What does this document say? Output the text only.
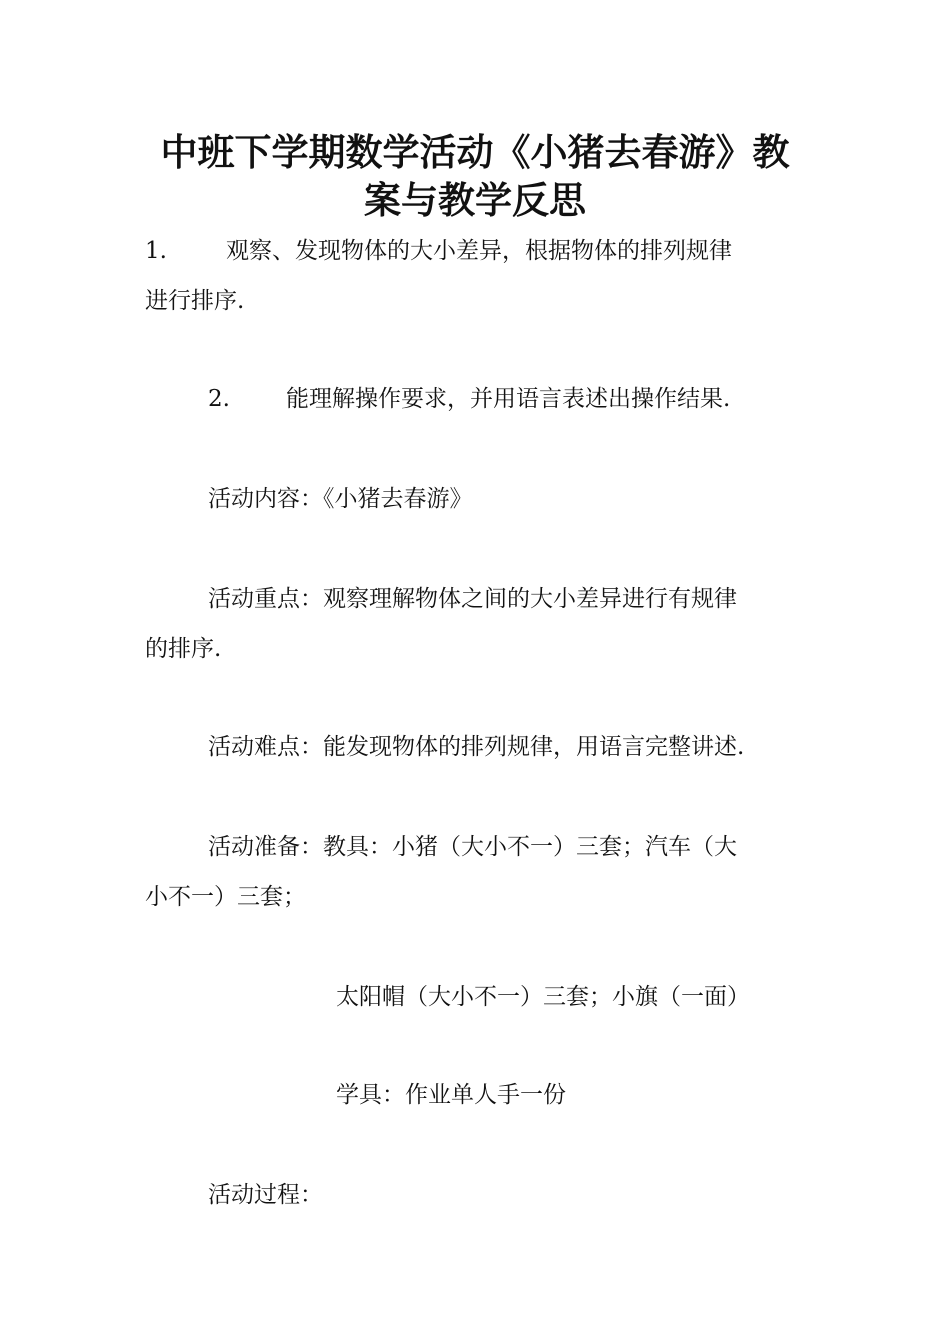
中班下学期数学活动《小猪去春游》教
案与教学反思
1.	观察、发现物体的大小差异，根据物体的排列规律
进行排序.
2. 能理解操作要求，并用语言表述出操作结果.
活动内容：《小猪去春游》
活动重点：观察理解物体之间的大小差异进行有规律
的排序.
活动难点：能发现物体的排列规律，用语言完整讲述.
活动准备：教具：小猪（大小不一）三套；汽车（大
小不一）三套；
太阳帽（大小不一）三套；小旗（一面）
学具：作业单人手一份
活动过程：
